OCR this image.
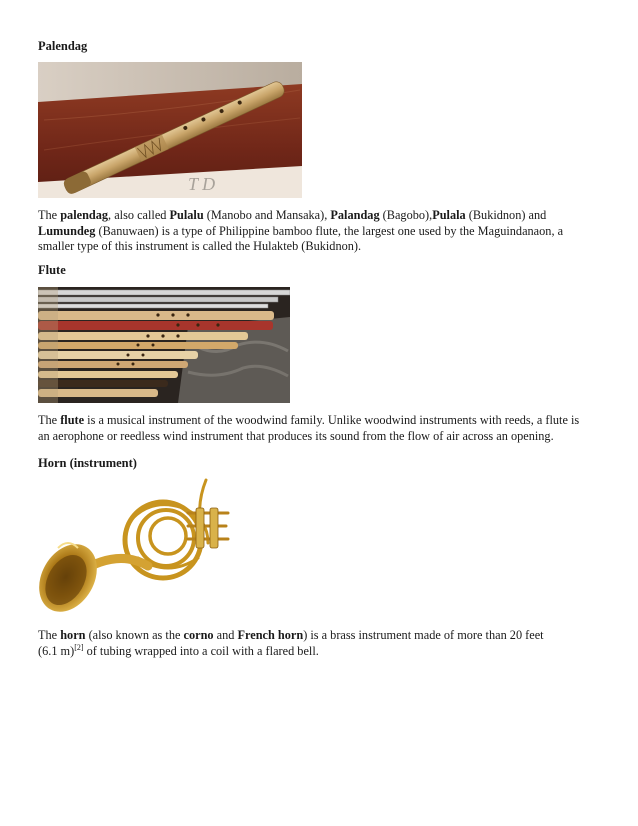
Palendag
T D
The palendag, also called Pulalu (Manobo and Mansaka), Palandag (Bagobo),Pulala (Bukidnon) and
Lumundeg (Banuwaen) is a type of Philippine bamboo flute, the largest one used by the Maguindanaon, a
smaller type of this instrument is called the Hulakteb (Bukidnon).
Flute
The flute is a musical instrument of the woodwind family. Unlike woodwind instruments with reeds, a flute is
an aerophone or reedless wind instrument that produces its sound from the flow of air across an opening.
Horn (instrument)
The horn (also known as the corno and French horn) is a brass instrument made of more than 20 feet
(6.1 m)[2] of tubing wrapped into a coil with a flared bell.
